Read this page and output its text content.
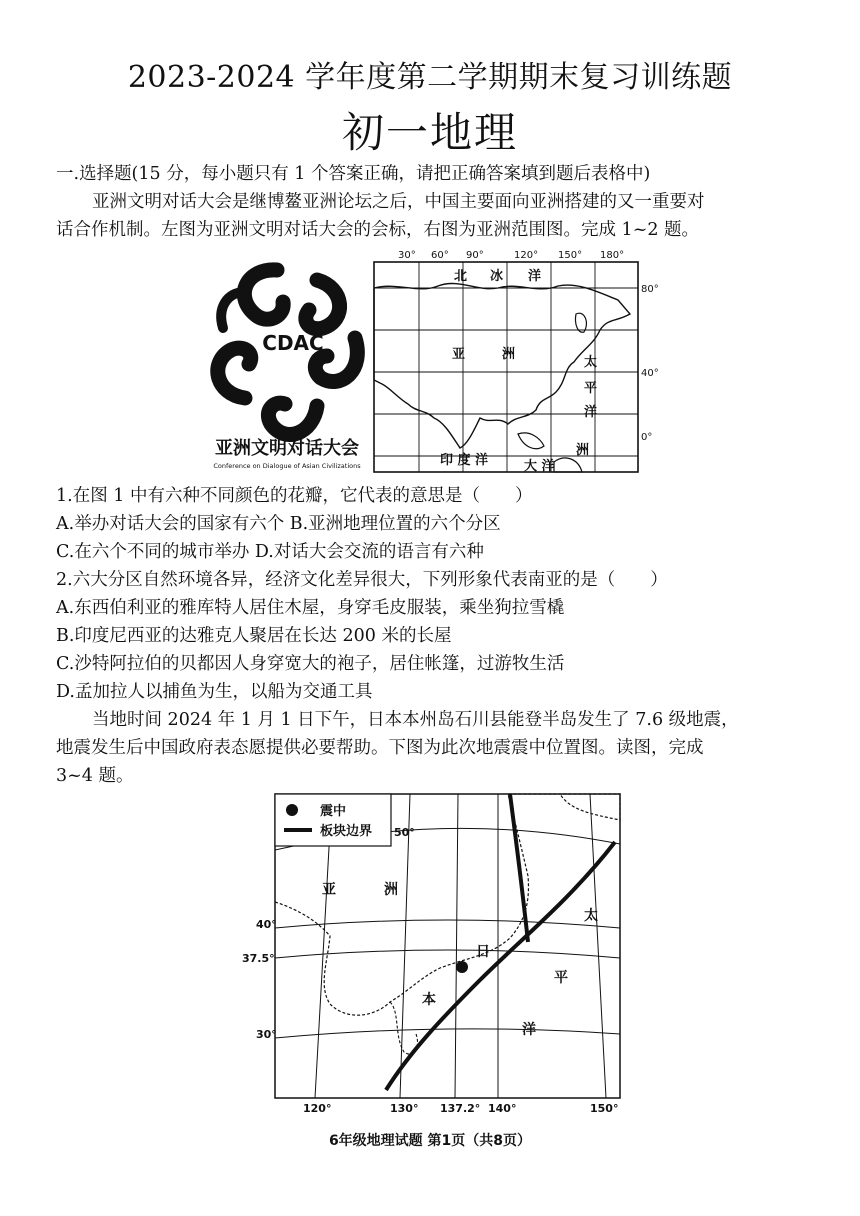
2023-2024 学年度第二学期期末复习训练题
初一地理
一.选择题(15 分，每小题只有 1 个答案正确，请把正确答案填到题后表格中)
亚洲文明对话大会是继博鳌亚洲论坛之后，中国主要面向亚洲搭建的又一重要对
话合作机制。左图为亚洲文明对话大会的会标，右图为亚洲范围图。完成 1~2 题。
CDAC
亚洲文明对话大会
Conference on Dialogue of Asian Civilizations
30° 60° 90°	120° 150° 180°
80°
40°
0°
北 冰 洋
亚	洲
太
平
洋
印 度 洋
洲
大 洋
1.在图 1 中有六种不同颜色的花瓣，它代表的意思是（　　）
A.举办对话大会的国家有六个 B.亚洲地理位置的六个分区
C.在六个不同的城市举办 D.对话大会交流的语言有六种
2.六大分区自然环境各异，经济文化差异很大，下列形象代表南亚的是（　　）
A.东西伯利亚的雅库特人居住木屋，身穿毛皮服装，乘坐狗拉雪橇
B.印度尼西亚的达雅克人聚居在长达 200 米的长屋
C.沙特阿拉伯的贝都因人身穿宽大的袍子，居住帐篷，过游牧生活
D.孟加拉人以捕鱼为生，以船为交通工具
当地时间 2024 年 1 月 1 日下午，日本本州岛石川县能登半岛发生了 7.6 级地震，
地震发生后中国政府表态愿提供必要帮助。下图为此次地震震中位置图。读图，完成
3~4 题。
震中
板块边界 50°
40°
37.5°
30°
120°	130° 137.2° 140°	150°
亚	洲
日
本
太
平
洋
6年级地理试题 第1页（共8页）
